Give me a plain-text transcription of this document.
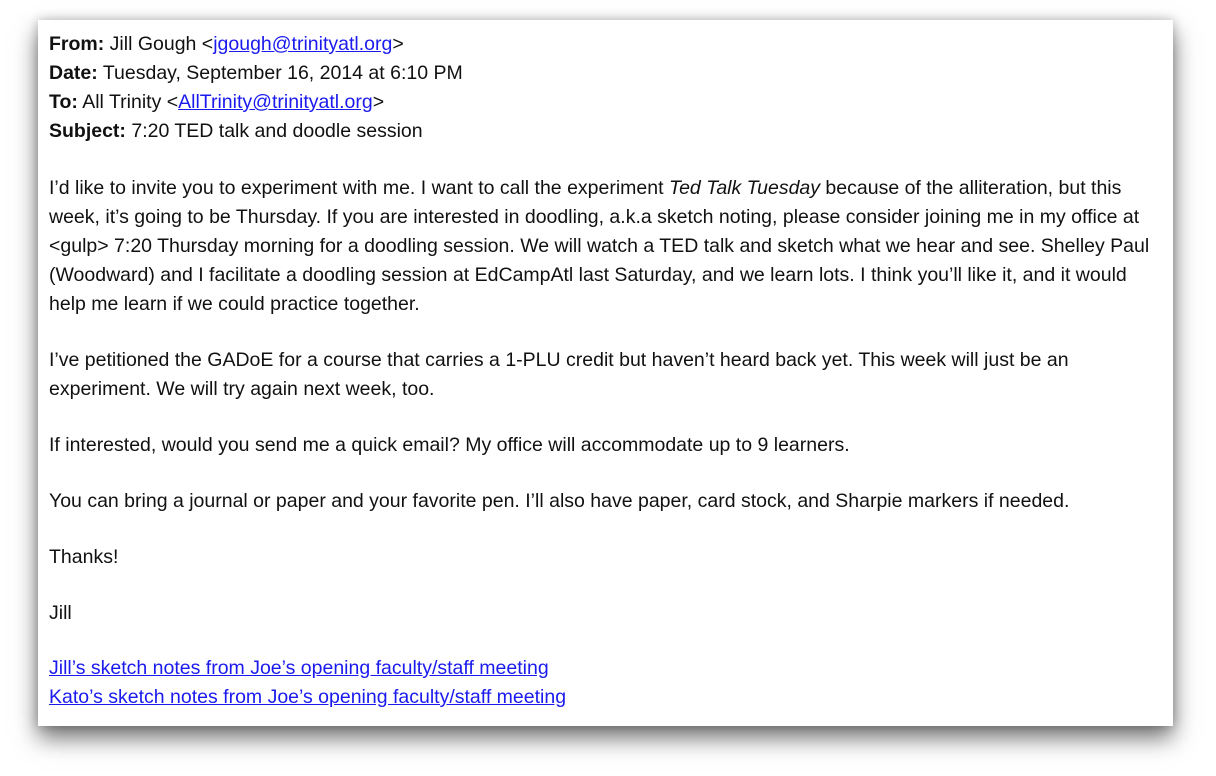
From: Jill Gough <jgough@trinityatl.org>
Date: Tuesday, September 16, 2014 at 6:10 PM
To: All Trinity <AllTrinity@trinityatl.org>
Subject: 7:20 TED talk and doodle session

I’d like to invite you to experiment with me. I want to call the experiment Ted Talk Tuesday because of the alliteration, but this week, it’s going to be Thursday. If you are interested in doodling, a.k.a sketch noting, please consider joining me in my office at <gulp> 7:20 Thursday morning for a doodling session. We will watch a TED talk and sketch what we hear and see. Shelley Paul (Woodward) and I facilitate a doodling session at EdCampAtl last Saturday, and we learn lots. I think you’ll like it, and it would help me learn if we could practice together.

I’ve petitioned the GADoE for a course that carries a 1-PLU credit but haven’t heard back yet. This week will just be an experiment. We will try again next week, too.

If interested, would you send me a quick email? My office will accommodate up to 9 learners.

You can bring a journal or paper and your favorite pen. I’ll also have paper, card stock, and Sharpie markers if needed.

Thanks!

Jill

Jill’s sketch notes from Joe’s opening faculty/staff meeting
Kato’s sketch notes from Joe’s opening faculty/staff meeting
